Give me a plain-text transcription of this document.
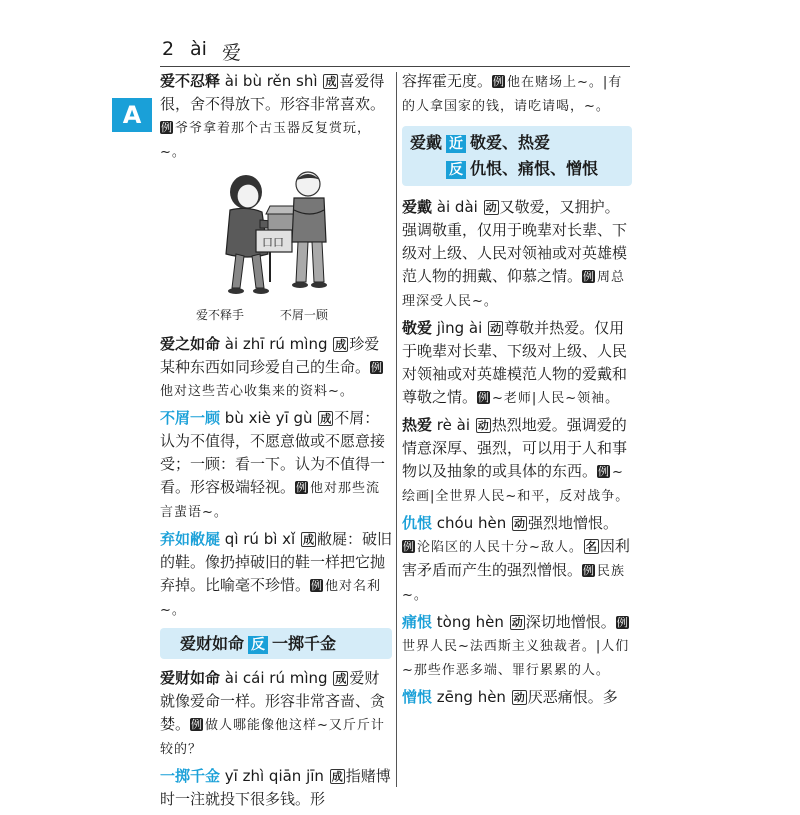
2 ài 爱
A
爱不忍释 ài bù rěn shì 成 喜爱得很，舍不得放下。形容非常喜欢。例 爷爷拿着那个古玉器反复赏玩，~。
口口
爱不释手	不屑一顾
爱之如命 ài zhī rú mìng 成 珍爱某种东西如同珍爱自己的生命。例他对这些苦心收集来的资料~。
不屑一顾 bù xiè yī gù 成 不屑：认为不值得，不愿意做或不愿意接受；一顾：看一下。认为不值得一看。形容极端轻视。例 他对那些流言蜚语~。
弃如敝屣 qì rú bì xǐ 成 敝屣：破旧的鞋。像扔掉破旧的鞋一样把它抛弃掉。比喻毫不珍惜。例 他对名利~。
爱财如命 反 一掷千金
爱财如命 ài cái rú mìng 成 爱财就像爱命一样。形容非常吝啬、贪婪。例 做人哪能像他这样~又斤斤计较的？
一掷千金 yī zhì qiān jīn 成 指赌博时一注就投下很多钱。形
容挥霍无度。例 他在赌场上~。|有的人拿国家的钱，请吃请喝，~。
爱戴 近 敬爱、热爱
反 仇恨、痛恨、憎恨
爱戴 ài dài 动 又敬爱，又拥护。强调敬重，仅用于晚辈对长辈、下级对上级、人民对领袖或对英雄模范人物的拥戴、仰慕之情。例 周总理深受人民~。
敬爱 jìng ài 动 尊敬并热爱。仅用于晚辈对长辈、下级对上级、人民对领袖或对英雄模范人物的爱戴和尊敬之情。例 ~老师|人民~领袖。
热爱 rè ài 动 热烈地爱。强调爱的情意深厚、强烈，可以用于人和事物以及抽象的或具体的东西。例 ~绘画|全世界人民~和平，反对战争。
仇恨 chóu hèn 动 强烈地憎恨。例 沦陷区的人民十分~敌人。 名 因利害矛盾而产生的强烈憎恨。例 民族~。
痛恨 tòng hèn 动 深切地憎恨。例世界人民~法西斯主义独裁者。|人们~那些作恶多端、罪行累累的人。
憎恨 zēng hèn 动 厌恶痛恨。多
